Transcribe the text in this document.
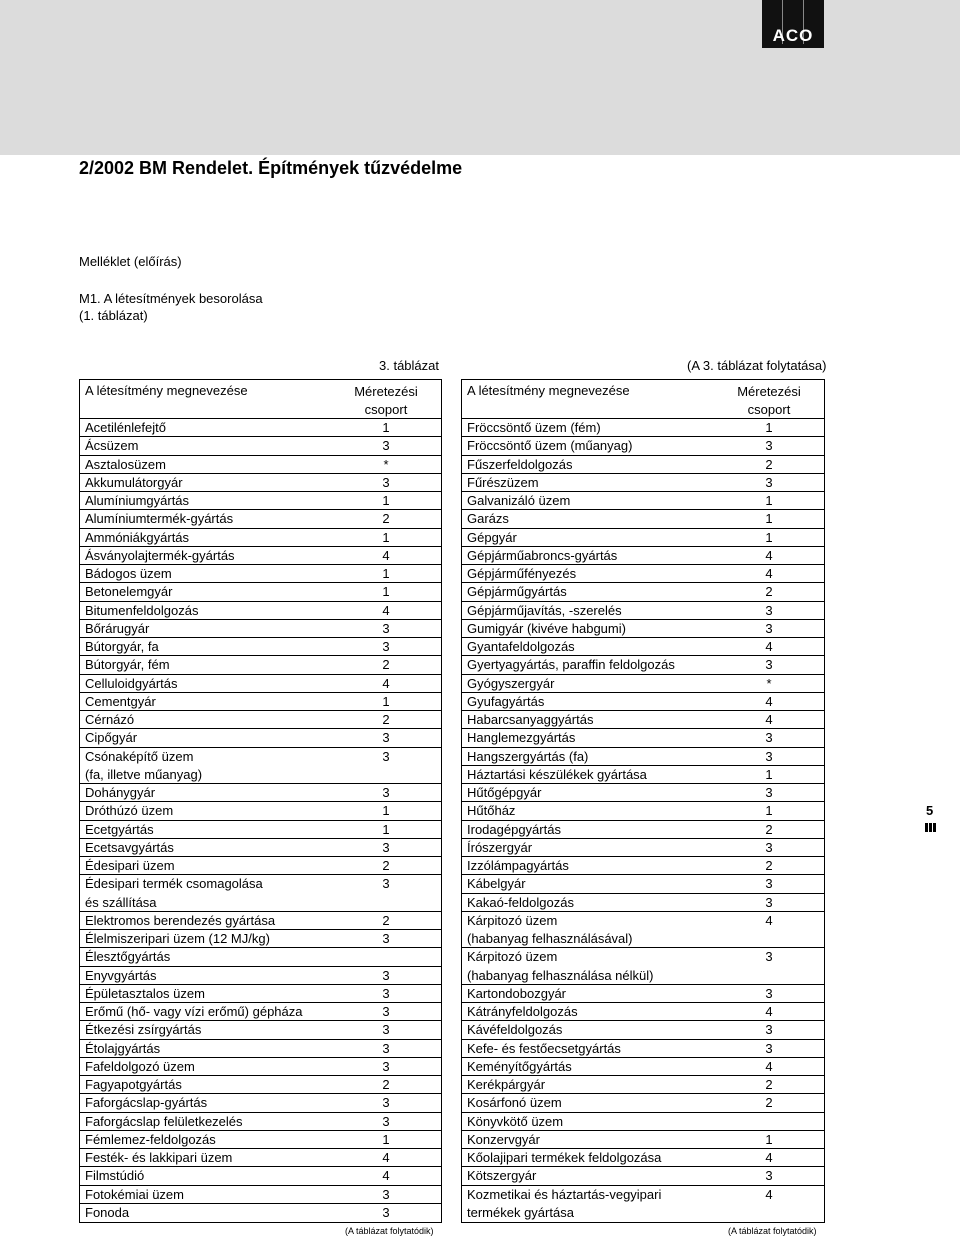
ACO
2/2002 BM Rendelet. Építmények tűzvédelme
Melléklet (előírás)
M1. A létesítmények besorolása
(1. táblázat)
3. táblázat	(A 3. táblázat folytatása)
A létesítmény megnevezése	Méretezési
csoport
Acetilénlefejtő	1
Ácsüzem	3
Asztalosüzem	*
Akkumulátorgyár	3
Alumíniumgyártás	1
Alumíniumtermék-gyártás	2
Ammóniákgyártás	1
Ásványolajtermék-gyártás	4
Bádogos üzem	1
Betonelemgyár	1
Bitumenfeldolgozás	4
Bőrárugyár	3
Bútorgyár, fa	3
Bútorgyár, fém	2
Celluloidgyártás	4
Cementgyár	1
Cérnázó	2
Cipőgyár	3
Csónaképítő üzem	3
(fa, illetve műanyag)
Dohánygyár	3
Dróthúzó üzem	1
Ecetgyártás	1
Ecetsavgyártás	3
Édesipari üzem	2
Édesipari termék csomagolása	3
és szállítása
Elektromos berendezés gyártása	2
Élelmiszeripari üzem (12 MJ/kg)	3
Élesztőgyártás
Enyvgyártás	3
Épületasztalos üzem	3
Erőmű (hő- vagy vízi erőmű) gépháza	3
Étkezési zsírgyártás	3
Étolajgyártás	3
Fafeldolgozó üzem	3
Fagyapotgyártás	2
Faforgácslap-gyártás	3
Faforgácslap felületkezelés	3
Fémlemez-feldolgozás	1
Festék- és lakkipari üzem	4
Filmstúdió	4
Fotokémiai üzem	3
Fonoda	3
A létesítmény megnevezése	Méretezési
csoport
Fröccsöntő üzem (fém)	1
Fröccsöntő üzem (műanyag)	3
Fűszerfeldolgozás	2
Fűrészüzem	3
Galvanizáló üzem	1
Garázs	1
Gépgyár	1
Gépjárműabroncs-gyártás	4
Gépjárműfényezés	4
Gépjárműgyártás	2
Gépjárműjavítás, -szerelés	3
Gumigyár (kivéve habgumi)	3
Gyantafeldolgozás	4
Gyertyagyártás, paraffin feldolgozás	3
Gyógyszergyár	*
Gyufagyártás	4
Habarcsanyaggyártás	4
Hanglemezgyártás	3
Hangszergyártás (fa)	3
Háztartási készülékek gyártása	1
Hűtőgépgyár	3
Hűtőház	1
Irodagépgyártás	2
Írószergyár	3
Izzólámpagyártás	2
Kábelgyár	3
Kakaó-feldolgozás	3
Kárpitozó üzem	4
(habanyag felhasználásával)
Kárpitozó üzem	3
(habanyag felhasználása nélkül)
Kartondobozgyár	3
Kátrányfeldolgozás	4
Kávéfeldolgozás	3
Kefe- és festőecsetgyártás	3
Keményítőgyártás	4
Kerékpárgyár	2
Kosárfonó üzem	2
Könyvkötő üzem
Konzervgyár	1
Kőolajipari termékek feldolgozása	4
Kötszergyár	3
Kozmetikai és háztartás-vegyipari	4
termékek gyártása
(A táblázat folytatódik)	(A táblázat folytatódik)
5
